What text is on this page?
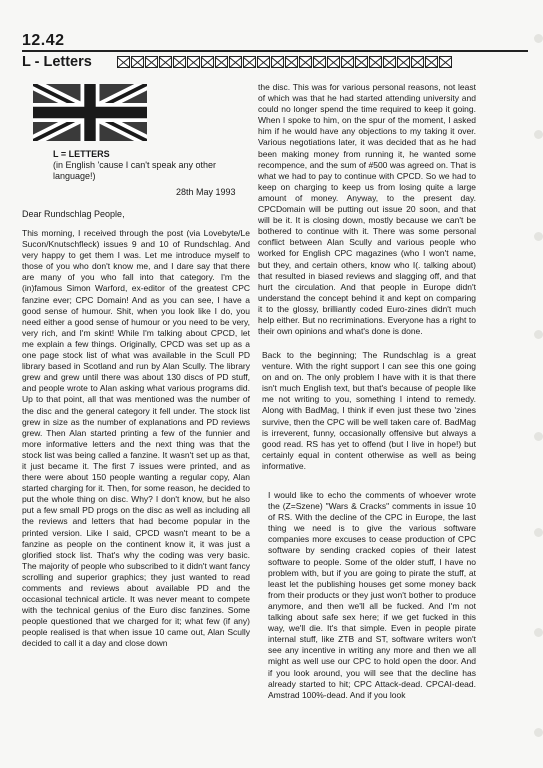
12.42
L - Letters
L = LETTERS
(in English 'cause I can't speak any other language!)
28th May 1993
Dear Rundschlag People,

This morning, I received through the post (via Lovebyte/Le Sucon/Knutschfleck) issues 9 and 10 of Rundschlag. And very happy to get them I was. Let me introduce myself to those of you who don't know me, and I dare say that there are many of you who fall into that category. I'm the (in)famous Simon Warford, ex-editor of the greatest CPC fanzine ever; CPC Domain! And as you can see, I have a good sense of humour. Shit, when you look like I do, you need either a good sense of humour or you need to be very, very rich, and I'm skint! While I'm talking about CPCD, let me explain a few things. Originally, CPCD was set up as a one page stock list of what was available in the Scull PD library based in Scotland and run by Alan Scully. The library grew and grew until there was about 130 discs of PD stuff, and people wrote to Alan asking what various programs did. Up to that point, all that was mentioned was the number of the disc and the general category it fell under. The stock list grew in size as the number of explanations and PD reviews grew. Then Alan started printing a few of the funnier and more informative letters and the next thing was that the stock list was being called a fanzine. It wasn't set up as that, it just became it. The first 7 issues were printed, and as there were about 150 people wanting a regular copy, Alan started charging for it. Then, for some reason, he decided to put the whole thing on disc. Why? I don't know, but he also put a few small PD progs on the disc as well as including all the reviews and letters that had become popular in the printed version. Like I said, CPCD wasn't meant to be a fanzine as people on the continent know it, it was just a glorified stock list. That's why the coding was very basic. The majority of people who subscribed to it didn't want fancy scrolling and superior graphics; they just wanted to read comments and reviews about available PD and the occasional technical article. It was never meant to compete with the technical genius of the Euro disc fanzines. Some people questioned that we charged for it; what few (if any) people realised is that when issue 10 came out, Alan Scully decided to call it a day and close down

the disc. This was for various personal reasons, not least of which was that he had started attending university and could no longer spend the time required to keep it going. When I spoke to him, on the spur of the moment, I asked him if he would have any objections to my taking it over. Various negotiations later, it was decided that as he had been making money from running it, he wanted some recompence, and the sum of #500 was agreed on. That is what we had to pay to continue with CPCD. So we had to keep on charging to keep us from losing quite a large amount of money. Anyway, to the present day. CPCDomain will be putting out issue 20 soon, and that will be it. It is closing down, mostly because we can't be bothered to continue with it. There was some personal conflict between Alan Scully and various people who worked for English CPC magazines (who I won't name, but they, and certain others, know who I(. talking about) that resulted in biased reviews and slagging off, and that hurt the circulation. And that people in Europe didn't understand the concept behind it and kept on comparing it to the glossy, brilliantly coded Euro-zines didn't much help either. But no recriminations. Everyone has a right to their own opinions and what's done is done.

Back to the beginning; The Rundschlag is a great venture. With the right support I can see this one going on and on. The only problem I have with it is that there isn't much English text, but that's because of people like me not writing to you, something I intend to remedy. Along with BadMag, I think if even just these two 'zines survive, then the CPC will be well taken care of. BadMag is irreverent, funny, occasionally offensive but always a good read. RS has yet to offend (but I live in hope!) but certainly equal in content otherwise as well as being informative.

I would like to echo the comments of whoever wrote the (Z=Szene) "Wars & Cracks" comments in issue 10 of RS. With the decline of the CPC in Europe, the last thing we need is to give the various software companies more excuses to cease production of CPC software by sending cracked copies of their latest software to people. Some of the older stuff, I have no problem with, but if you are going to pirate the stuff, at least let the publishing houses get some money back from their products or they just won't bother to produce anymore, and then we'll all be fucked. And I'm not talking about safe sex here; if we get fucked in this way, we'll die. It's that simple. Even in people pirate internal stuff, like ZTB and ST, software writers won't see any incentive in writing any more and then we all might as well use our CPC to hold open the door. And if you look around, you will see that the decline has already started to hit; CPC Attack-dead. CPCAI-dead. Amstrad 100%-dead. And if you look
